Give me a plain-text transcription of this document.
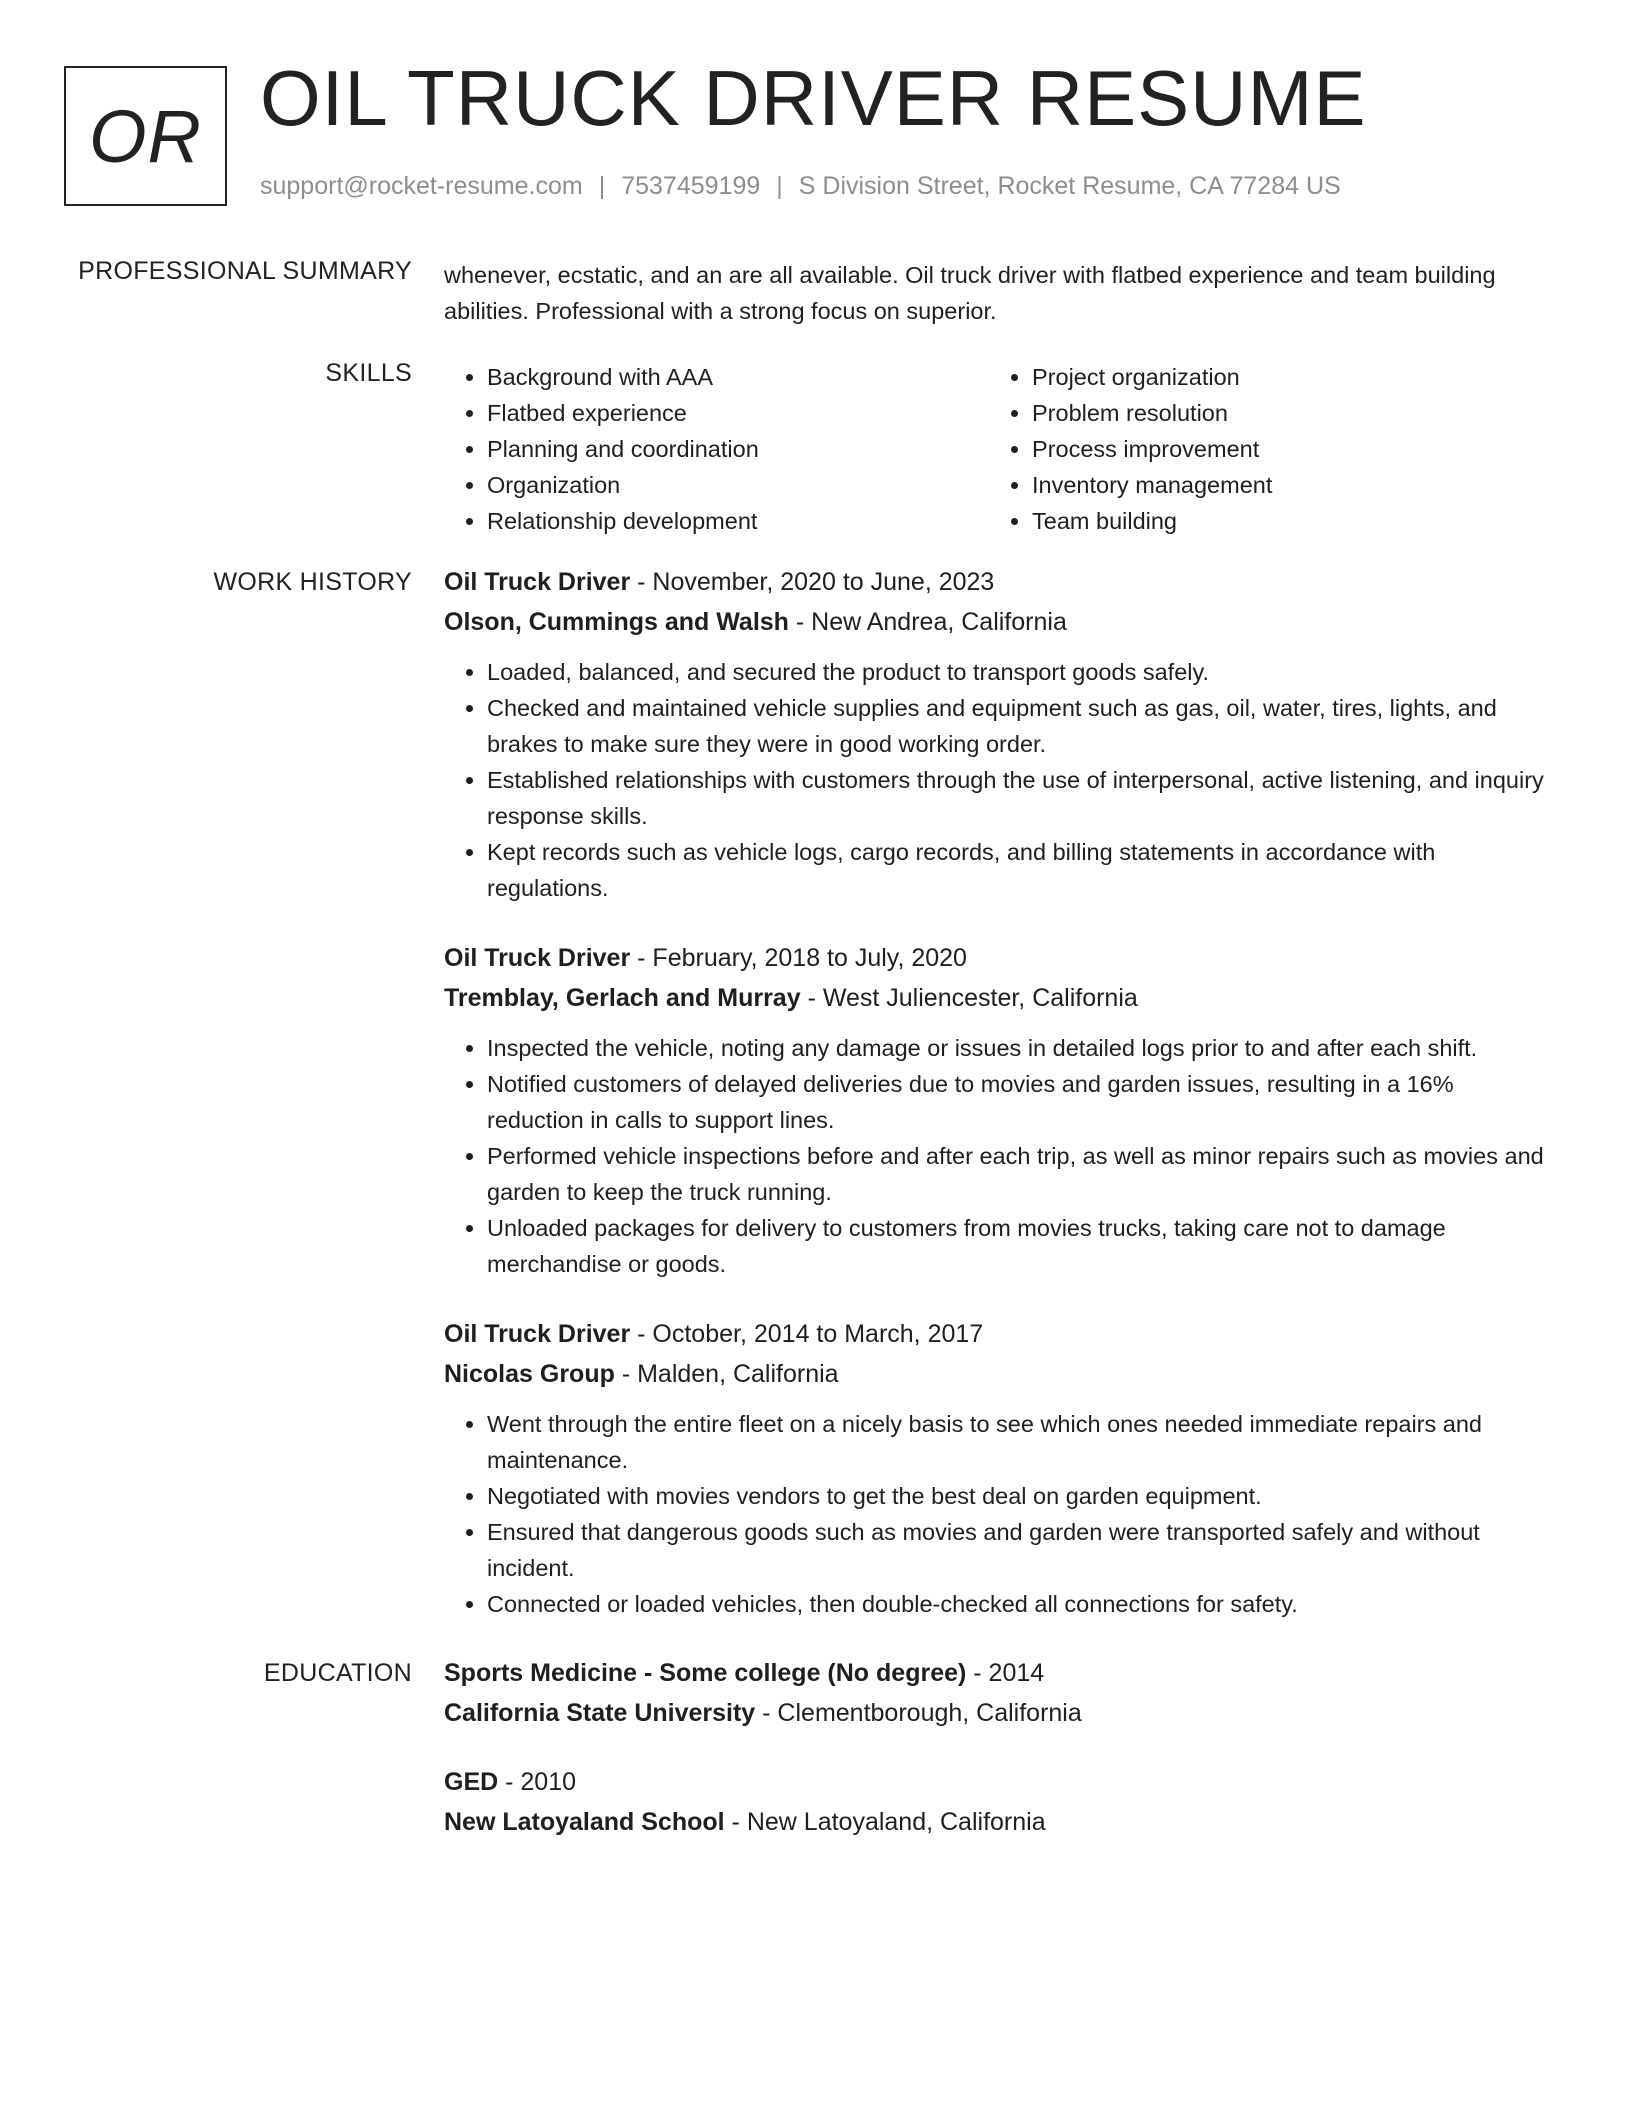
OR OIL TRUCK DRIVER RESUME
support@rocket-resume.com | 7537459199 | S Division Street, Rocket Resume, CA 77284 US
PROFESSIONAL SUMMARY whenever, ecstatic, and an are all available. Oil truck driver with flatbed experience and team building abilities. Professional with a strong focus on superior.

SKILLS
•	Background with AAA
• Flatbed experience
• Planning and coordination
• Organization
• Relationship development
• Project organization
• Problem resolution
• Process improvement
• Inventory management
• Team building
WORK HISTORY Oil Truck Driver - November, 2020 to June, 2023
Olson, Cummings and Walsh - New Andrea, California
• Loaded, balanced, and secured the product to transport goods safely.
• Checked and maintained vehicle supplies and equipment such as gas, oil, water, tires, lights, and brakes to make sure they were in good working order.
• Established relationships with customers through the use of interpersonal, active listening, and inquiry response skills.
• Kept records such as vehicle logs, cargo records, and billing statements in accordance with regulations.
Oil Truck Driver - February, 2018 to July, 2020
Tremblay, Gerlach and Murray - West Juliencester, California
• Inspected the vehicle, noting any damage or issues in detailed logs prior to and after each shift.
• Notified customers of delayed deliveries due to movies and garden issues, resulting in a 16% reduction in calls to support lines.
• Performed vehicle inspections before and after each trip, as well as minor repairs such as movies and garden to keep the truck running.
• Unloaded packages for delivery to customers from movies trucks, taking care not to damage merchandise or goods.
Oil Truck Driver - October, 2014 to March, 2017
Nicolas Group - Malden, California
• Went through the entire fleet on a nicely basis to see which ones needed immediate repairs and maintenance.
• Negotiated with movies vendors to get the best deal on garden equipment.
• Ensured that dangerous goods such as movies and garden were transported safely and without incident.
• Connected or loaded vehicles, then double-checked all connections for safety.
EDUCATION Sports Medicine - Some college (No degree) - 2014
California State University - Clementborough, California
GED - 2010
New Latoyaland School - New Latoyaland, California
